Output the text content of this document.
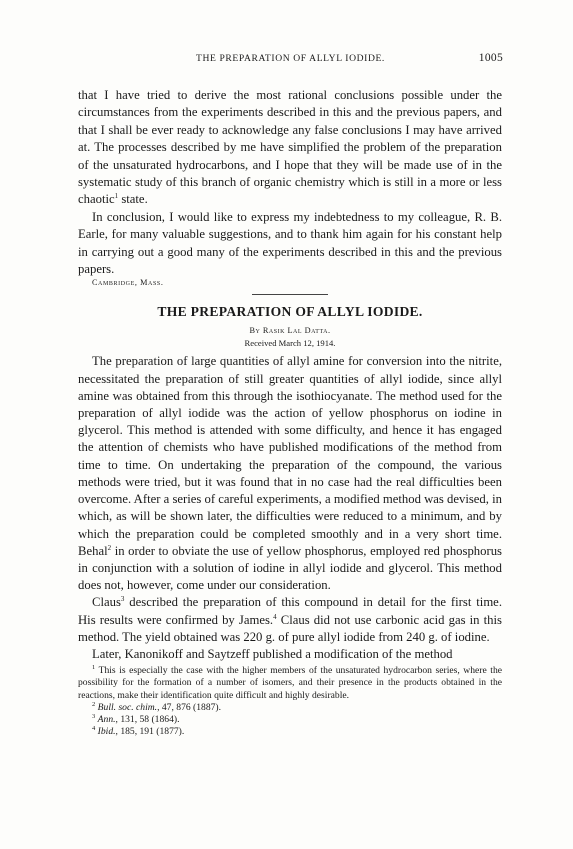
THE PREPARATION OF ALLYL IODIDE.	1005

that I have tried to derive the most rational conclusions possible under the circumstances from the experiments described in this and the previous papers, and that I shall be ever ready to acknowledge any false conclusions I may have arrived at. The processes described by me have simplified the problem of the preparation of the unsaturated hydrocarbons, and I hope that they will be made use of in the systematic study of this branch of organic chemistry which is still in a more or less chaotic$^1$ state.

In conclusion, I would like to express my indebtedness to my colleague, R. B. Earle, for many valuable suggestions, and to thank him again for his constant help in carrying out a good many of the experiments described in this and the previous papers.

Cambridge, Mass.
THE PREPARATION OF ALLYL IODIDE.
By Rasik Lal Datta.
Received March 12, 1914.

The preparation of large quantities of allyl amine for conversion into the nitrite, necessitated the preparation of still greater quantities of allyl iodide, since allyl amine was obtained from this through the isothiocyanate. The method used for the preparation of allyl iodide was the action of yellow phosphorus on iodine in glycerol. This method is attended with some difficulty, and hence it has engaged the attention of chemists who have published modifications of the method from time to time. On undertaking the preparation of the compound, the various methods were tried, but it was found that in no case had the real difficulties been overcome. After a series of careful experiments, a modified method was devised, in which, as will be shown later, the difficulties were reduced to a minimum, and by which the preparation could be completed smoothly and in a very short time. Behal$^2$ in order to obviate the use of yellow phosphorus, employed red phosphorus in conjunction with a solution of iodine in allyl iodide and glycerol. This method does not, however, come under our consideration.

Claus$^3$ described the preparation of this compound in detail for the first time. His results were confirmed by James.$^4$ Claus did not use carbonic acid gas in this method. The yield obtained was 220 g. of pure allyl iodide from 240 g. of iodine.

Later, Kanonikoff and Saytzeff published a modification of the method

$^1$ This is especially the case with the higher members of the unsaturated hydrocarbon series, where the possibility for the formation of a number of isomers, and their presence in the products obtained in the reactions, make their identification quite difficult and highly desirable.

$^2$ Bull. soc. chim., 47, 876 (1887).

$^3$ Ann., 131, 58 (1864).

$^4$ Ibid., 185, 191 (1877).
